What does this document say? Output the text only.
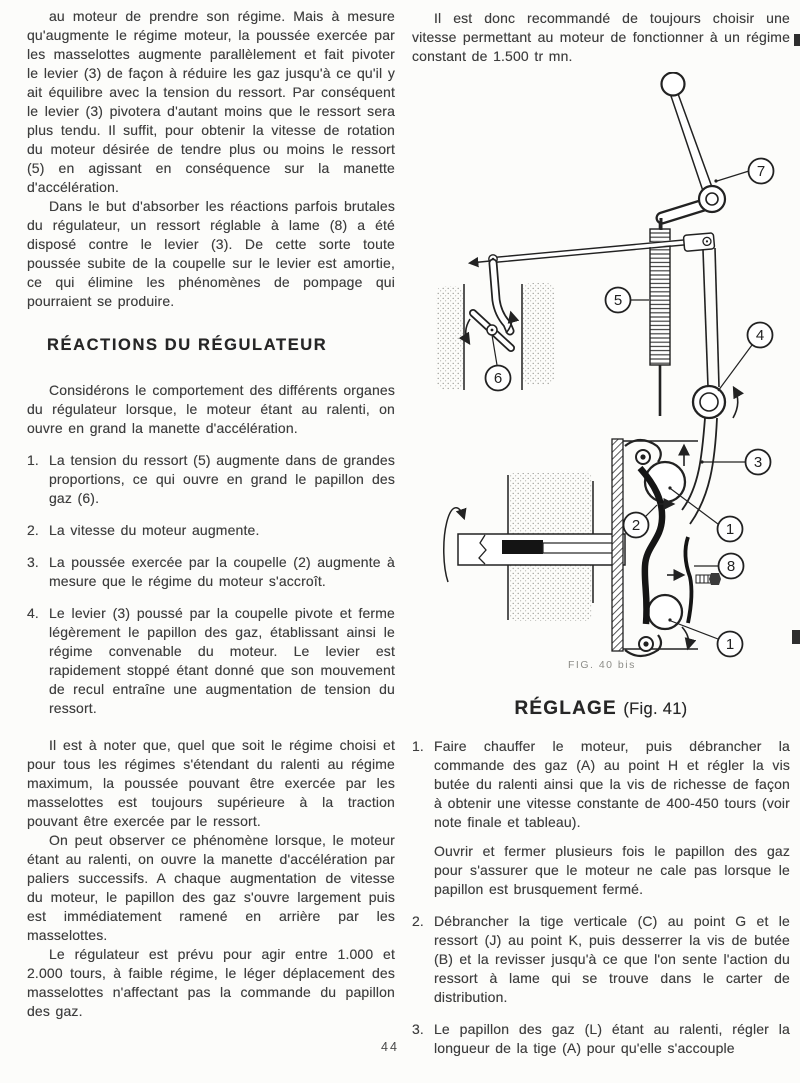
au moteur de prendre son régime. Mais à mesure qu'augmente le régime moteur, la poussée exercée par les masselottes augmente parallèlement et fait pivoter le levier (3) de façon à réduire les gaz jusqu'à ce qu'il y ait équilibre avec la tension du ressort. Par conséquent le levier (3) pivotera d'autant moins que le ressort sera plus tendu. Il suffit, pour obtenir la vitesse de rotation du moteur désirée de tendre plus ou moins le ressort (5) en agissant en conséquence sur la manette d'accélération.

Dans le but d'absorber les réactions parfois brutales du régulateur, un ressort réglable à lame (8) a été disposé contre le levier (3). De cette sorte toute poussée subite de la coupelle sur le levier est amortie, ce qui élimine les phénomènes de pompage qui pourraient se produire.

RÉACTIONS DU RÉGULATEUR

Considérons le comportement des différents organes du régulateur lorsque, le moteur étant au ralenti, on ouvre en grand la manette d'accélération.

1. La tension du ressort (5) augmente dans de grandes proportions, ce qui ouvre en grand le papillon des gaz (6).
2. La vitesse du moteur augmente.
3. La poussée exercée par la coupelle (2) augmente à mesure que le régime du moteur s'accroît.
4. Le levier (3) poussé par la coupelle pivote et ferme légèrement le papillon des gaz, établissant ainsi le régime convenable du moteur. Le levier est rapidement stoppé étant donné que son mouvement de recul entraîne une augmentation de tension du ressort.

Il est à noter que, quel que soit le régime choisi et pour tous les régimes s'étendant du ralenti au régime maximum, la poussée pouvant être exercée par les masselottes est toujours supérieure à la traction pouvant être exercée par le ressort.

On peut observer ce phénomène lorsque, le moteur étant au ralenti, on ouvre la manette d'accélération par paliers successifs. A chaque augmentation de vitesse du moteur, le papillon des gaz s'ouvre largement puis est immédiatement ramené en arrière par les masselottes.

Le régulateur est prévu pour agir entre 1.000 et 2.000 tours, à faible régime, le léger déplacement des masselottes n'affectant pas la commande du papillon des gaz.

Il est donc recommandé de toujours choisir une vitesse permettant au moteur de fonctionner à un régime constant de 1.500 tr mn.

7
5
6
4
3
2	1
8
1
FIG. 40 bis
RÉGLAGE (Fig. 41)
1. Faire chauffer le moteur, puis débrancher la commande des gaz (A) au point H et régler la vis butée du ralenti ainsi que la vis de richesse de façon à obtenir une vitesse constante de 400-450 tours (voir note finale et tableau).

Ouvrir et fermer plusieurs fois le papillon des gaz pour s'assurer que le moteur ne cale pas lorsque le papillon est brusquement fermé.

2. Débrancher la tige verticale (C) au point G et le ressort (J) au point K, puis desserrer la vis de butée (B) et la revisser jusqu'à ce que l'on sente l'action du ressort à lame qui se trouve dans le carter de distribution.
3. Le papillon des gaz (L) étant au ralenti, régler la longueur de la tige (A) pour qu'elle s'accouple
44
